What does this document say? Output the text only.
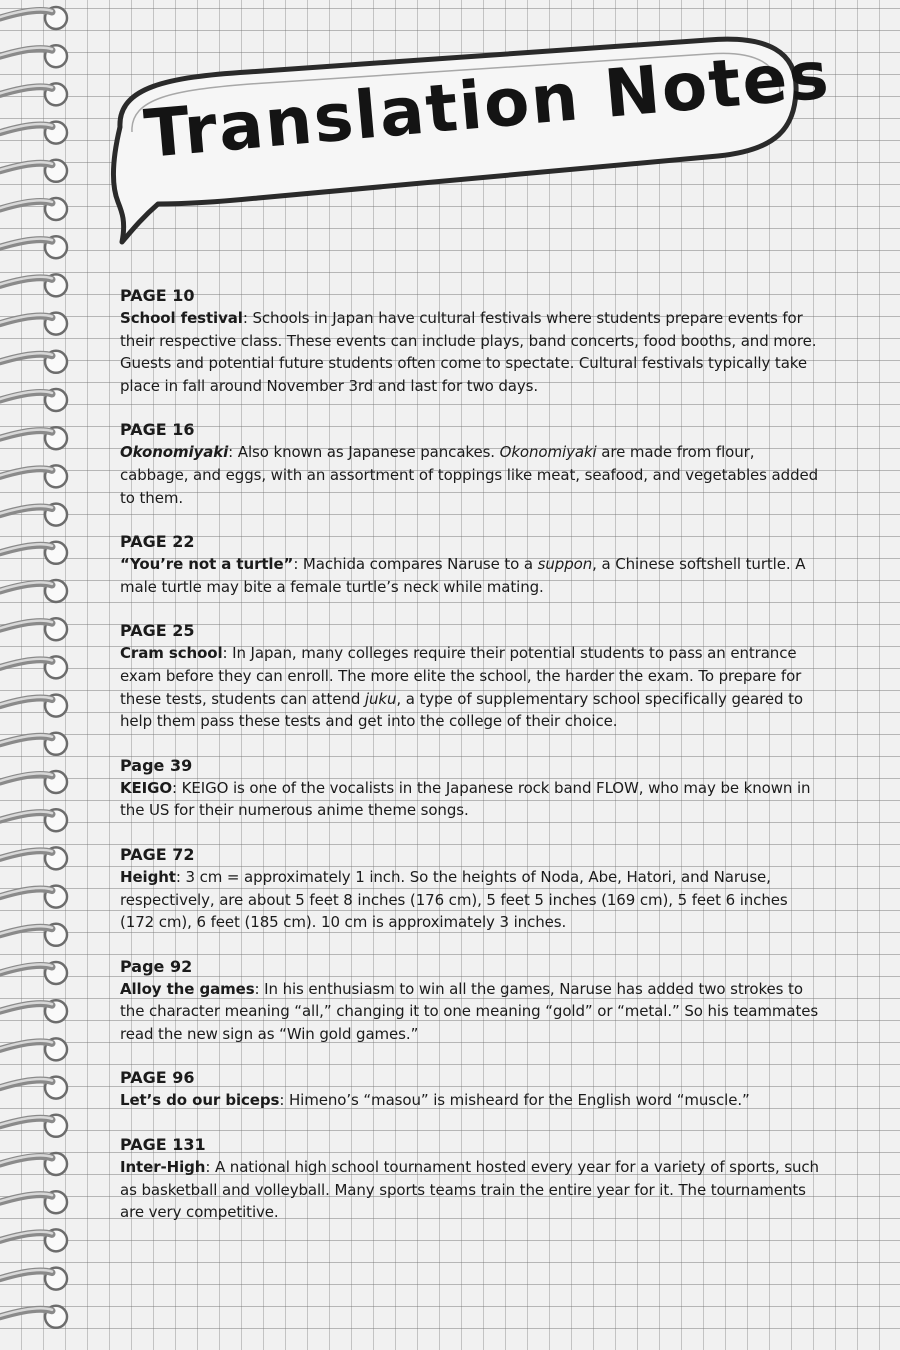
Translation Notes

PAGE 10

School festival: Schools in Japan have cultural festivals where students prepare events for their respective class. These events can include plays, band concerts, food booths, and more. Guests and potential future students often come to spectate. Cultural festivals typically take place in fall around November 3rd and last for two days.

PAGE 16

Okonomiyaki: Also known as Japanese pancakes. Okonomiyaki are made from flour, cabbage, and eggs, with an assortment of toppings like meat, seafood, and vegetables added to them.

PAGE 22

“You’re not a turtle”: Machida compares Naruse to a suppon, a Chinese softshell turtle. A male turtle may bite a female turtle’s neck while mating.

PAGE 25

Cram school: In Japan, many colleges require their potential students to pass an entrance exam before they can enroll. The more elite the school, the harder the exam. To prepare for these tests, students can attend juku, a type of supplementary school specifically geared to help them pass these tests and get into the college of their choice.

Page 39

KEIGO: KEIGO is one of the vocalists in the Japanese rock band FLOW, who may be known in the US for their numerous anime theme songs.

PAGE 72

Height: 3 cm = approximately 1 inch. So the heights of Noda, Abe, Hatori, and Naruse, respectively, are about 5 feet 8 inches (176 cm), 5 feet 5 inches (169 cm), 5 feet 6 inches (172 cm), 6 feet (185 cm). 10 cm is approximately 3 inches.

Page 92

Alloy the games: In his enthusiasm to win all the games, Naruse has added two strokes to the character meaning “all,” changing it to one meaning “gold” or “metal.” So his teammates read the new sign as “Win gold games.”

PAGE 96

Let’s do our biceps: Himeno’s “masou” is misheard for the English word “muscle.”

PAGE 131

Inter-High: A national high school tournament hosted every year for a variety of sports, such as basketball and volleyball. Many sports teams train the entire year for it. The tournaments are very competitive.
